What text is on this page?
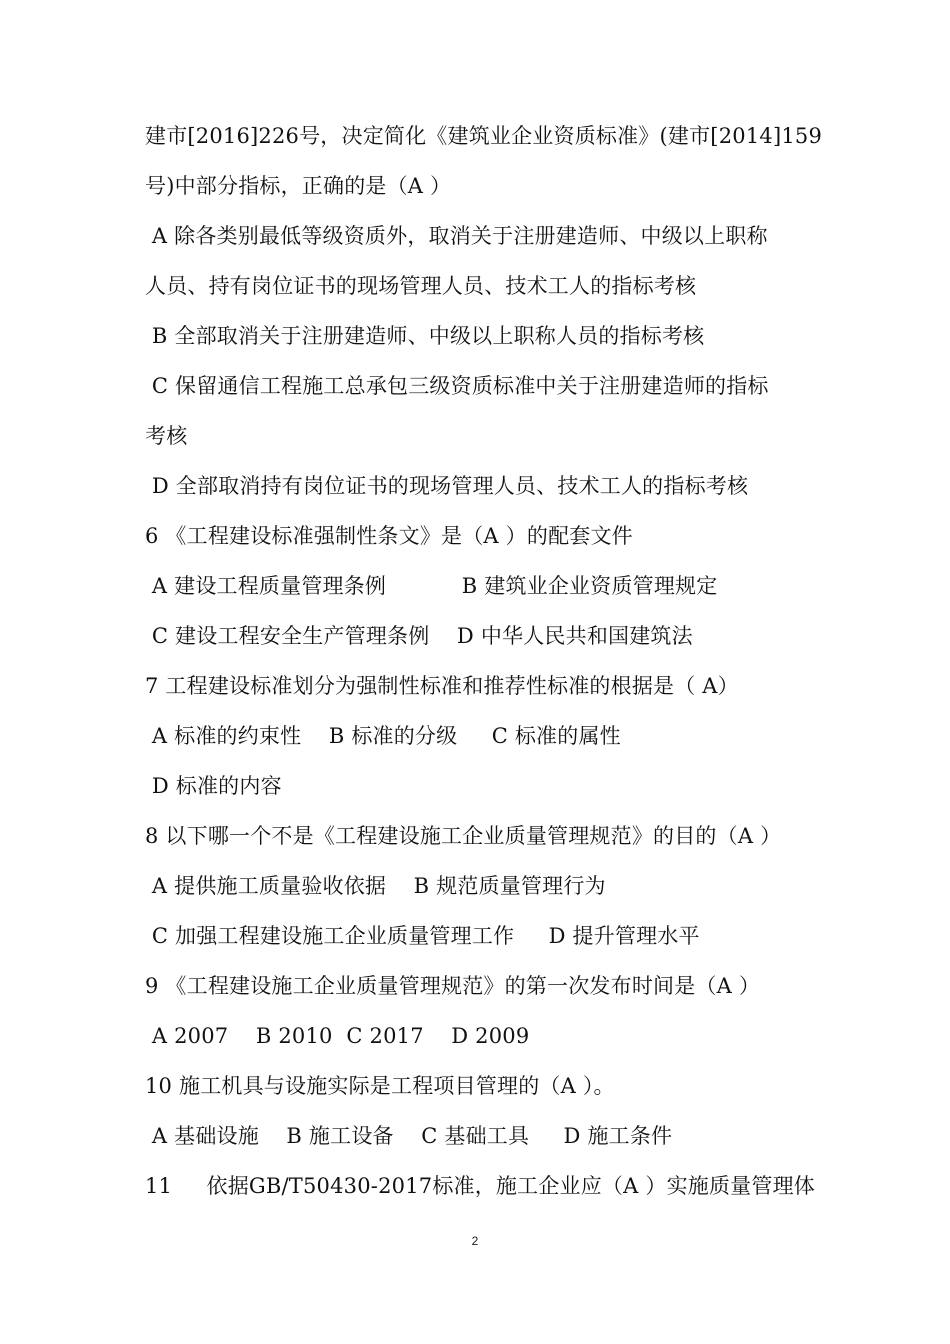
建市[2016]226号，决定简化《建筑业企业资质标准》(建市[2014]159
号)中部分指标，正确的是（A ）
A 除各类别最低等级资质外，取消关于注册建造师、中级以上职称
人员、持有岗位证书的现场管理人员、技术工人的指标考核
B 全部取消关于注册建造师、中级以上职称人员的指标考核
C 保留通信工程施工总承包三级资质标准中关于注册建造师的指标
考核
D 全部取消持有岗位证书的现场管理人员、技术工人的指标考核
6 《工程建设标准强制性条文》是（A ）的配套文件
A 建设工程质量管理条例           B 建筑业企业资质管理规定
C 建设工程安全生产管理条例    D 中华人民共和国建筑法
7 工程建设标准划分为强制性标准和推荐性标准的根据是（ A）
A 标准的约束性    B 标准的分级     C 标准的属性
D 标准的内容
8 以下哪一个不是《工程建设施工企业质量管理规范》的目的（A ）
A 提供施工质量验收依据    B 规范质量管理行为
C 加强工程建设施工企业质量管理工作     D 提升管理水平
9 《工程建设施工企业质量管理规范》的第一次发布时间是（A ）
A 2007    B 2010  C 2017    D 2009
10 施工机具与设施实际是工程项目管理的（A ）。
A 基础设施    B 施工设备    C 基础工具     D 施工条件
11     依据GB/T50430-2017标准，施工企业应（A ）实施质量管理体
2
